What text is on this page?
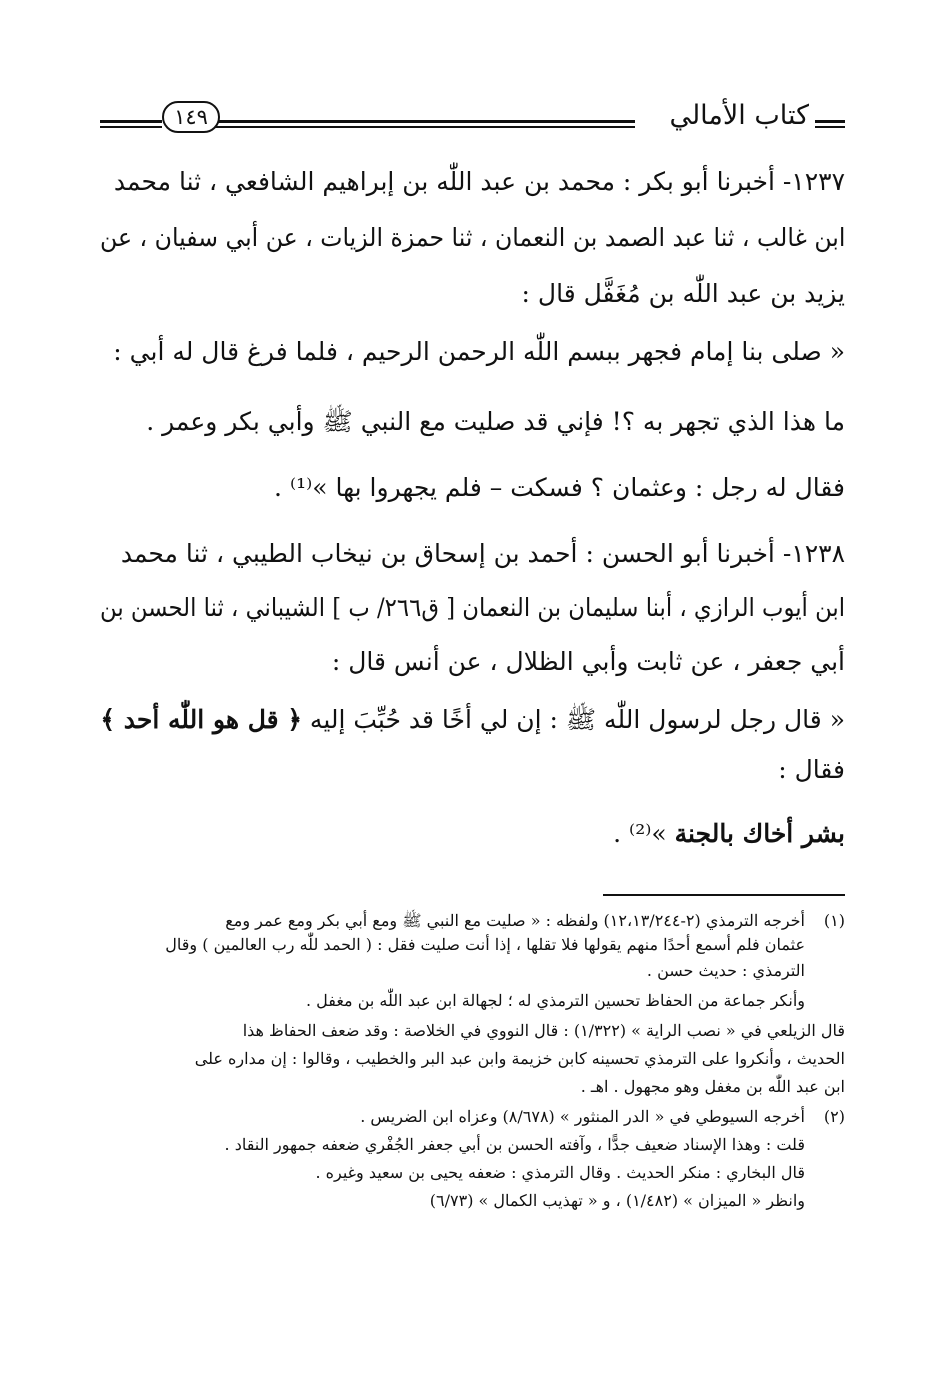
كتاب الأمالي
١٤٩
١٢٣٧- أخبرنا أبو بكر : محمد بن عبد اللّٰه بن إبراهيم الشافعي ، ثنا محمد
ابن غالب ، ثنا عبد الصمد بن النعمان ، ثنا حمزة الزيات ، عن أبي سفيان ، عن
يزيد بن عبد اللّٰه بن مُغَفَّل قال :
« صلى بنا إمام فجهر ببسم اللّٰه الرحمن الرحيم ، فلما فرغ قال له أبي :
ما هذا الذي تجهر به ؟! فإني قد صليت مع النبي ﷺ وأبي بكر وعمر .
فقال له رجل : وعثمان ؟ فسكت – فلم يجهروا بها »⁽¹⁾ .
١٢٣٨- أخبرنا أبو الحسن : أحمد بن إسحاق بن نيخاب الطيبي ، ثنا محمد
ابن أيوب الرازي ، أبنا سليمان بن النعمان [ ق٢٦٦/ ب ] الشيباني ، ثنا الحسن بن
أبي جعفر ، عن ثابت وأبي الظلال ، عن أنس قال :
« قال رجل لرسول اللّٰه ﷺ : إن لي أخًا قد حُبِّبَ إليه ﴿ قل هو اللّٰه أحد ﴾
فقال :
بشر أخاك بالجنة »⁽²⁾ .
(١)
أخرجه الترمذي (٢-١٢،١٣/٢٤٤) ولفظه : « صليت مع النبي ﷺ ومع أبي بكر ومع عمر ومع
عثمان فلم أسمع أحدًا منهم يقولها فلا تقلها ، إذا أنت صليت فقل : ( الحمد للّٰه رب العالمين ) وقال
الترمذي : حديث حسن .
وأنكر جماعة من الحفاظ تحسين الترمذي له ؛ لجهالة ابن عبد اللّٰه بن مغفل .
قال الزيلعي في « نصب الراية » (١/٣٢٢) : قال النووي في الخلاصة : وقد ضعف الحفاظ هذا
الحديث ، وأنكروا على الترمذي تحسينه كابن خزيمة وابن عبد البر والخطيب ، وقالوا : إن مداره على
ابن عبد اللّٰه بن مغفل وهو مجهول . اهـ .
(٢)
أخرجه السيوطي في « الدر المنثور » (٨/٦٧٨) وعزاه ابن الضريس .
قلت : وهذا الإسناد ضعيف جدًّا ، وآفته الحسن بن أبي جعفر الجُفْري ضعفه جمهور النقاد .
قال البخاري : منكر الحديث . وقال الترمذي : ضعفه يحيى بن سعيد وغيره .
وانظر « الميزان » (١/٤٨٢) ، و « تهذيب الكمال » (٦/٧٣)
